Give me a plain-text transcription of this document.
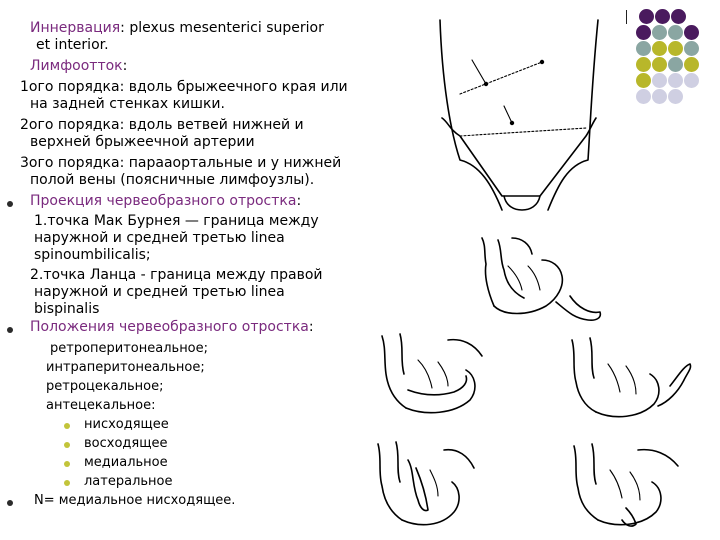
Иннервация: plexus mesenterici superior
et interior.
Лимфоотток:
1ого порядка: вдоль брыжеечного края или
на задней стенках кишки.
2ого порядка: вдоль ветвей нижней и
верхней брыжеечной артерии
3ого порядка: парааортальные и у нижней
полой вены (поясничные лимфоузлы).
Проекция червеобразного отростка:
1.точка Мак Бурнея — граница между
наружной и средней третью linea
spinoumbilicalis;
2.точка Ланца - граница между правой
наружной и средней третью linea
bispinalis
Положения червеобразного отростка:
ретроперитонеальное;
интраперитонеальное;
ретроцекальное;
антецекальное:
нисходящее
восходящее
медиальное
латеральное
N= медиальное нисходящее.
